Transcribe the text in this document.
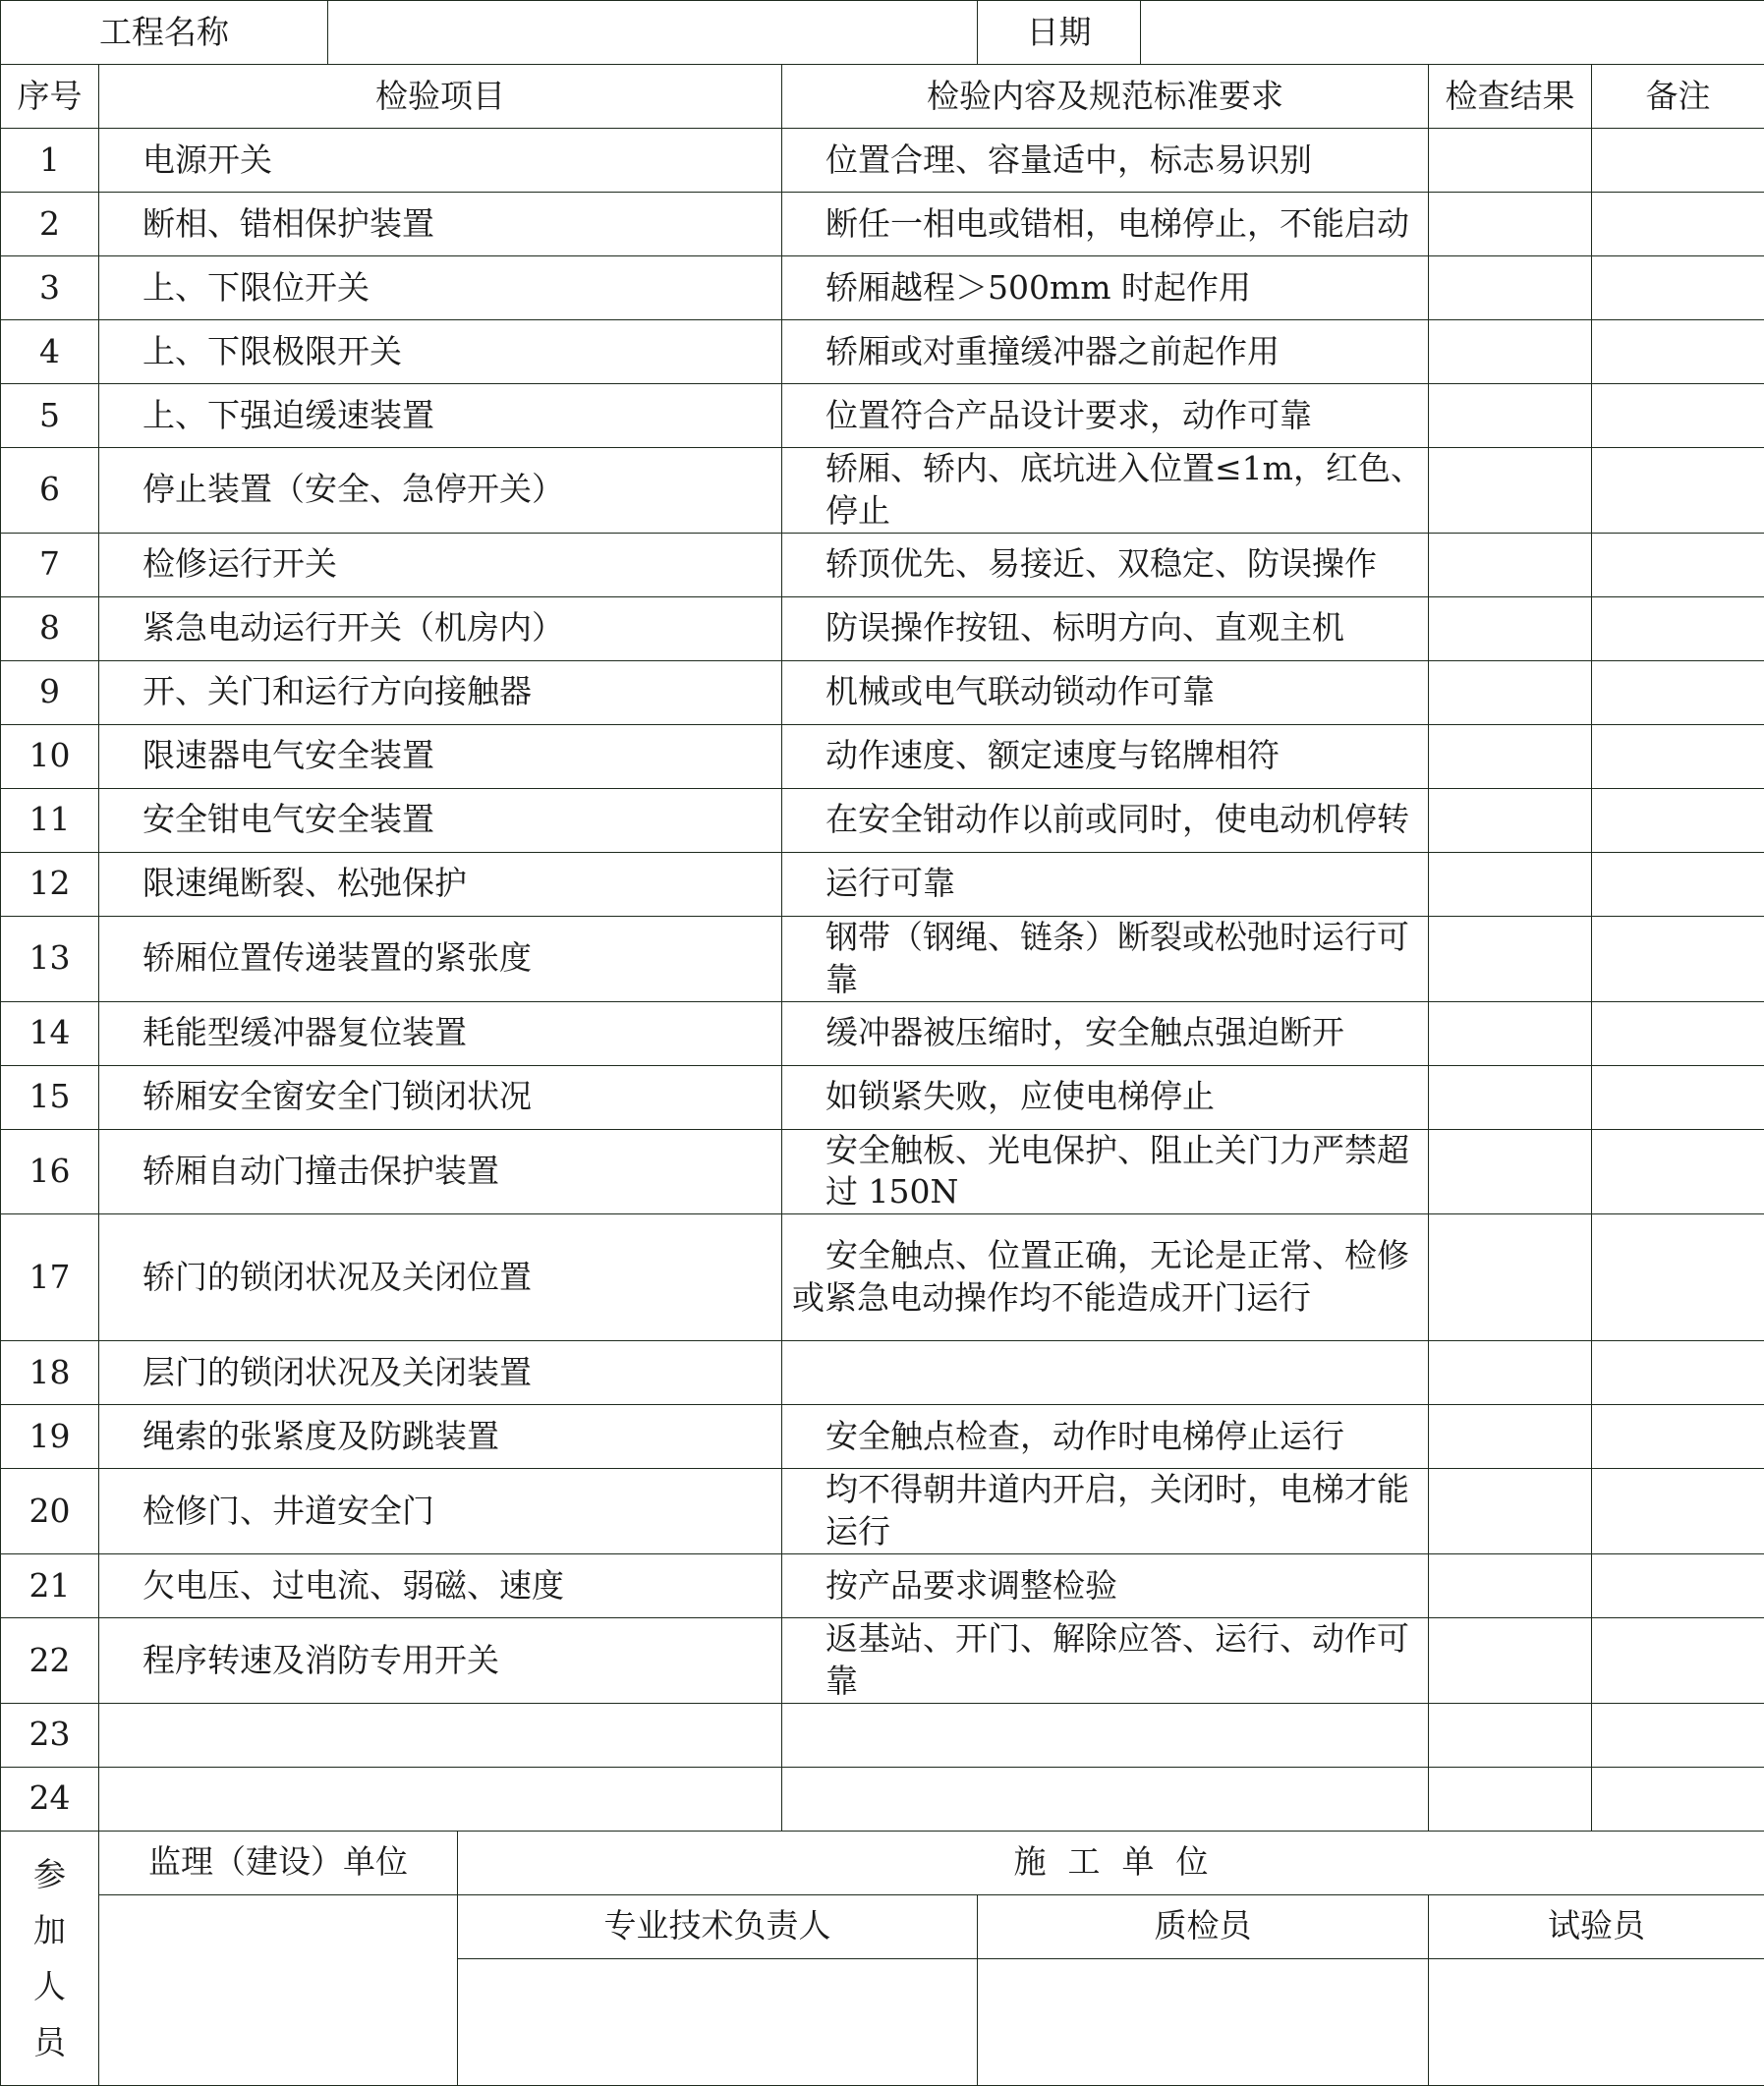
工程名称					日期			
序号	检验项目			检验内容及规范标准要求			检查结果	备注
1	电源开关			位置合理、容量适中，标志易识别				
2	断相、错相保护装置			断任一相电或错相，电梯停止，不能启动				
3	上、下限位开关			轿厢越程＞500mm 时起作用				
4	上、下限极限开关			轿厢或对重撞缓冲器之前起作用				
5	上、下强迫缓速装置			位置符合产品设计要求，动作可靠				
6	停止装置（安全、急停开关）			轿厢、轿内、底坑进入位置≤1m，红色、停止				
7	检修运行开关			轿顶优先、易接近、双稳定、防误操作				
8	紧急电动运行开关（机房内）			防误操作按钮、标明方向、直观主机				
9	开、关门和运行方向接触器			机械或电气联动锁动作可靠				
10	限速器电气安全装置			动作速度、额定速度与铭牌相符				
11	安全钳电气安全装置			在安全钳动作以前或同时，使电动机停转				
12	限速绳断裂、松弛保护			运行可靠				
13	轿厢位置传递装置的紧张度			钢带（钢绳、链条）断裂或松弛时运行可靠				
14	耗能型缓冲器复位装置			缓冲器被压缩时，安全触点强迫断开				
15	轿厢安全窗安全门锁闭状况			如锁紧失败，应使电梯停止				
16	轿厢自动门撞击保护装置			安全触板、光电保护、阻止关门力严禁超过 150N				
17	轿门的锁闭状况及关闭位置			安全触点、位置正确，无论是正常、检修或紧急电动操作均不能造成开门运行				
18	层门的锁闭状况及关闭装置							
19	绳索的张紧度及防跳装置			安全触点检查，动作时电梯停止运行				
20	检修门、井道安全门			均不得朝井道内开启，关闭时，电梯才能运行				
21	欠电压、过电流、弱磁、速度			按产品要求调整检验				
22	程序转速及消防专用开关			返基站、开门、解除应答、运行、动作可靠				
23								
24								

参
加
人
员	监理（建设）单位		施工单位					
			专业技术负责人		质检员		试验员	
